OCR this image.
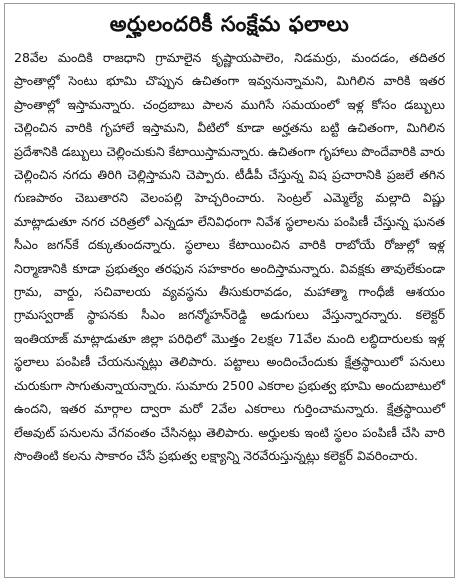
అర్హులందరికీ సంక్షేమ ఫలాలు

28వేల మందికి రాజధాని గ్రామాలైన కృష్ణాయపాలెం, నిడమర్రు, మందడం, తదితర ప్రాంతాల్లో సెంటు భూమి చొప్పున ఉచితంగా ఇవ్వనున్నామని, మిగిలిన వారికి ఇతర ప్రాంతాల్లో ఇస్తామన్నారు. చంద్రబాబు పాలన ముగిసే సమయంలో ఇళ్ల కోసం డబ్బులు చెల్లించిన వారికి గృహాలే ఇస్తామని, వీటిలో కూడా అర్హతను బట్టి ఉచితంగా, మిగిలిన ప్రదేశానికి డబ్బులు చెల్లించుకుని కేటాయిస్తామన్నారు. ఉచితంగా గృహాలు పొందేవారికి వారు చెల్లించిన నగదు తిరిగి చెల్లిస్తామని చెప్పారు. టీడీపీ చేస్తున్న విష ప్రచారానికి ప్రజలే తగిన గుణపాఠం చెబుతారని వెలంపల్లి హెచ్చరించారు. సెంట్రల్ ఎమ్మెల్యే మల్లాది విష్ణు మాట్లాడుతూ నగర చరిత్రలో ఎన్నడూ లేనివిధంగా నివేశ స్థలాలను పంపిణీ చేస్తున్న ఘనత సీఎం జగన్‌కే దక్కుతుందన్నారు. స్థలాలు కేటాయించిన వారికి రాబోయే రోజుల్లో ఇళ్ల నిర్మాణానికి కూడా ప్రభుత్వం తరఫున సహకారం అందిస్తామన్నారు. వివక్షకు తావులేకుండా గ్రామ, వార్డు, సచివాలయ వ్యవస్థను తీసుకురావడం, మహాత్మా గాంధీజీ ఆశయం గ్రామస్వరాజ్ స్థాపనకు సీఎం జగన్మోహన్‌రెడ్డి అడుగులు వేస్తున్నారన్నారు. కలెక్టర్ ఇంతియాజ్ మాట్లాడుతూ జిల్లా పరిధిలో మొత్తం 2లక్షల 71వేల మంది లబ్ధిదారులకు ఇళ్ల స్థలాలు పంపిణీ చేయనున్నట్లు తెలిపారు. పట్టాలు అందించేందుకు క్షేత్రస్థాయిలో పనులు చురుకుగా సాగుతున్నాయన్నారు. సుమారు 2500 ఎకరాల ప్రభుత్వ భూమి అందుబాటులో ఉందని, ఇతర మార్గాల ద్వారా మరో 2వేల ఎకరాలు గుర్తించామన్నారు. క్షేత్రస్థాయిలో లేఅవుట్ పనులను వేగవంతం చేసినట్లు తెలిపారు. అర్హులకు ఇంటి స్థలం పంపిణీ చేసి వారి సొంతింటి కలను సాకారం చేసే ప్రభుత్వ లక్ష్యాన్ని నెరవేరుస్తున్నట్లు కలెక్టర్ వివరించారు.
